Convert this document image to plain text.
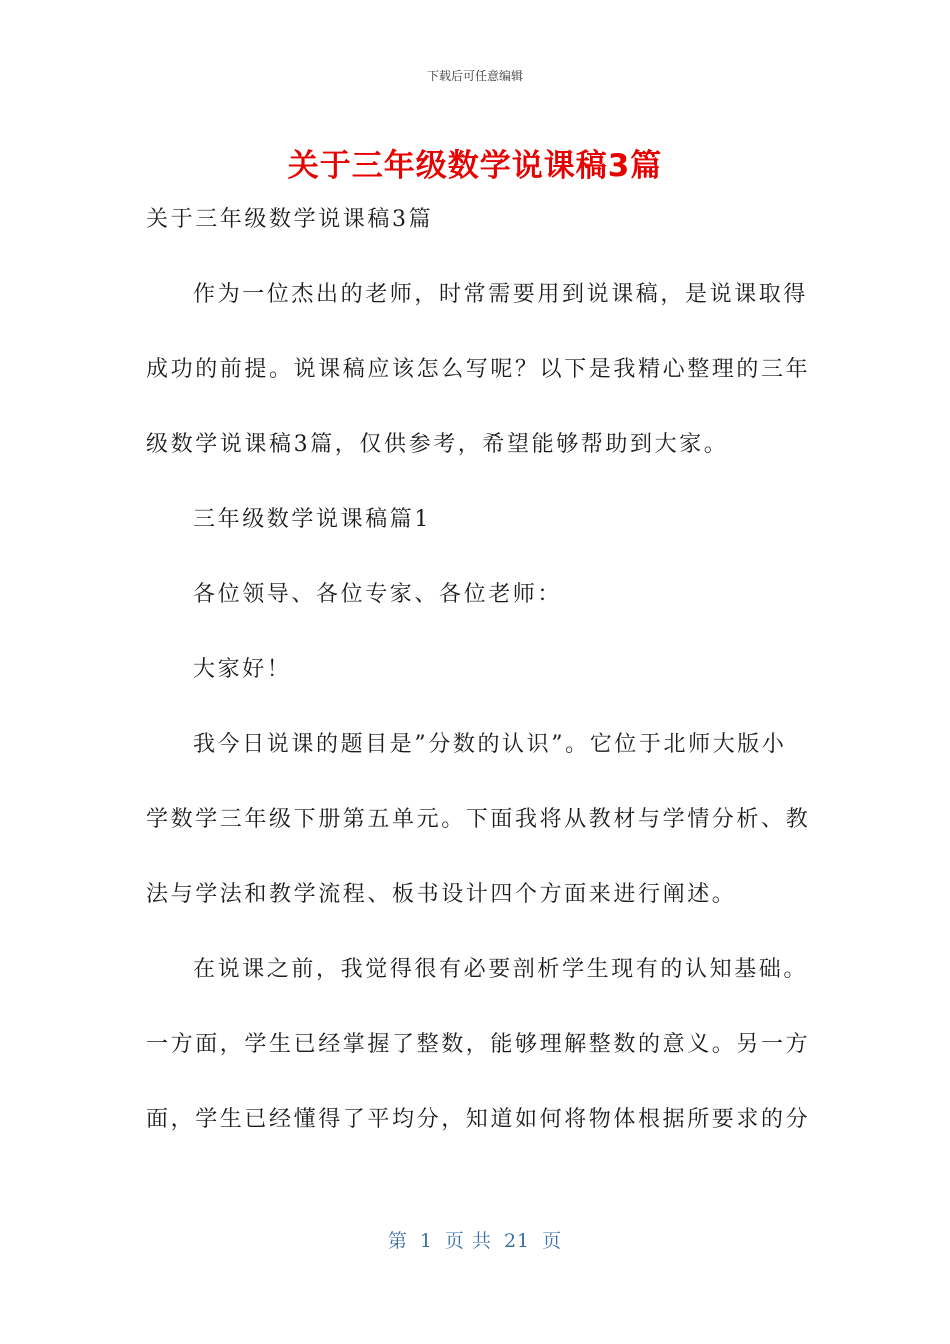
下载后可任意编辑
关于三年级数学说课稿3篇
关于三年级数学说课稿3篇
作为一位杰出的老师，时常需要用到说课稿，是说课取得
成功的前提。说课稿应该怎么写呢？以下是我精心整理的三年
级数学说课稿3篇，仅供参考，希望能够帮助到大家。
三年级数学说课稿篇1
各位领导、各位专家、各位老师：
大家好！
我今日说课的题目是”分数的认识”。它位于北师大版小
学数学三年级下册第五单元。下面我将从教材与学情分析、教
法与学法和教学流程、板书设计四个方面来进行阐述。
在说课之前，我觉得很有必要剖析学生现有的认知基础。
一方面，学生已经掌握了整数，能够理解整数的意义。另一方
面，学生已经懂得了平均分，知道如何将物体根据所要求的分
第 1 页 共 21 页
